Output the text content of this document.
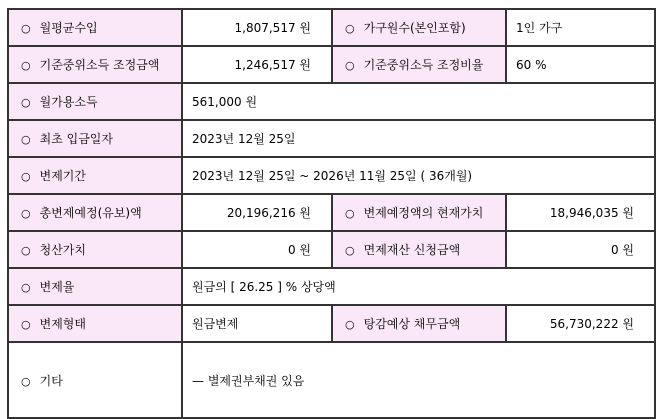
○ 월평균수입	1,807,517 원	○ 가구원수(본인포함)	1인 가구
○ 기준중위소득 조정금액	1,246,517 원	○ 기준중위소득 조정비율	60 %
○ 월가용소득	561,000 원		
○ 최초 입금일자	2023년 12월 25일		
○ 변제기간	2023년 12월 25일 ~ 2026년 11월 25일 ( 36개월)		
○ 총변제예정(유보)액	20,196,216 원	○ 변제예정액의 현재가치	18,946,035 원
○ 청산가치	0 원	○ 면제재산 신청금액	0 원
○ 변제율	원금의 [ 26.25 ] % 상당액		
○ 변제형태	원금변제	○ 탕감예상 채무금액	56,730,222 원
○ 기타	— 별제권부채권 있음		
